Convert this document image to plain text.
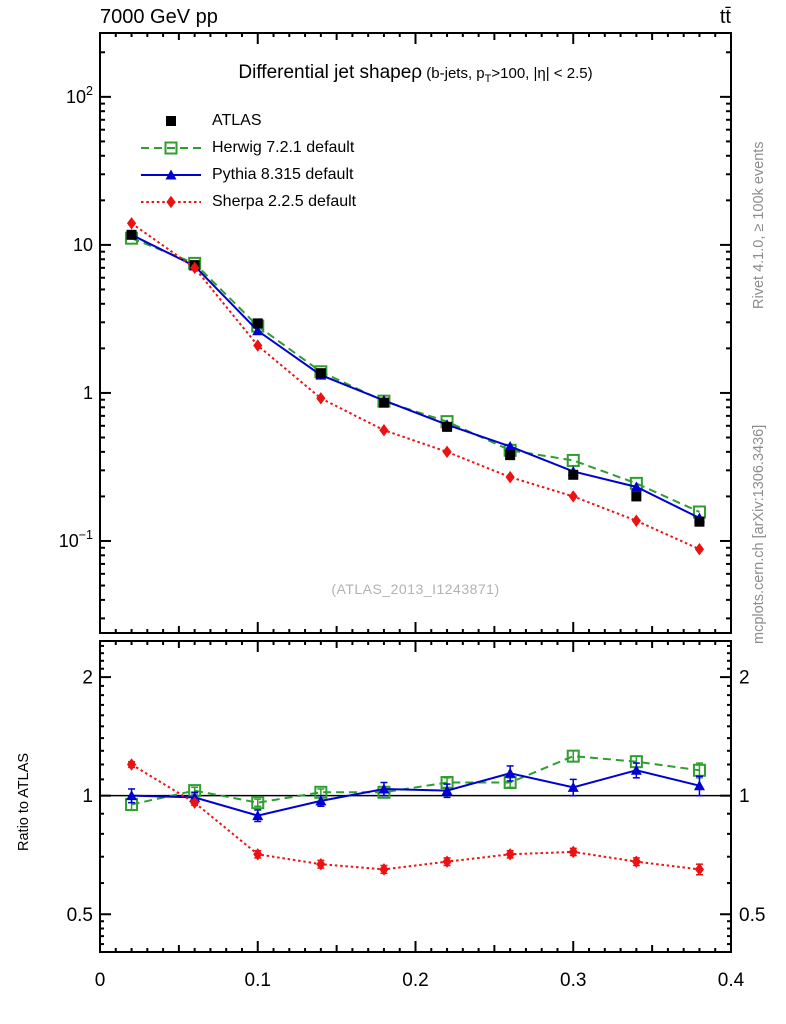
$10^2$
10
1
$10^{-1}$
2	2
1	1
0.5	0.5
0	0.1	0.2	0.3	0.4
7000 GeV pp	tt̄
Differential jet shapeρ (b-jets, $p_T>100$, |η| < 2.5)
ATLAS
Herwig 7.2.1 default
Pythia 8.315 default
Sherpa 2.2.5 default
(ATLAS_2013_I1243871)
Rivet 4.1.0, ≥ 100k events
mcplots.cern.ch [arXiv:1306.3436]
Ratio to ATLAS
